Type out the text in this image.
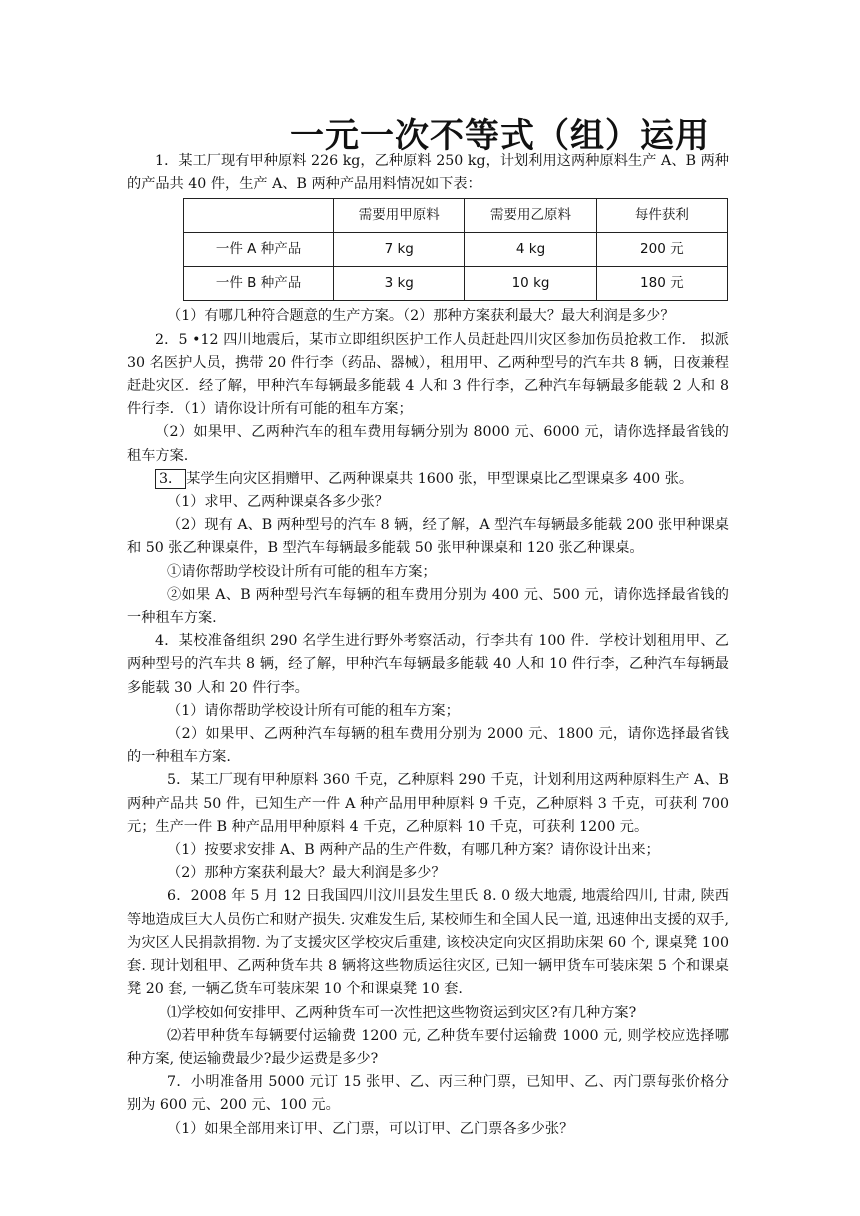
一元一次不等式（组）运用

1．某工厂现有甲种原料 226 kg，乙种原料 250 kg，计划利用这两种原料生产 A、B 两种的产品共 40 件，生产 A、B 两种产品用料情况如下表：

	需要用甲原料	需要用乙原料	每件获利
一件 A 种产品	7 kg	4 kg	200 元
一件 B 种产品	3 kg	10 kg	180 元

（1）有哪几种符合题意的生产方案。（2）那种方案获利最大？最大利润是多少？

2．5 •12 四川地震后，某市立即组织医护工作人员赶赴四川灾区参加伤员抢救工作． 拟派 30 名医护人员，携带 20 件行李（药品、器械），租用甲、乙两种型号的汽车共 8 辆，日夜兼程赶赴灾区．经了解，甲种汽车每辆最多能载 4 人和 3 件行李，乙种汽车每辆最多能载 2 人和 8 件行李．（1）请你设计所有可能的租车方案；

（2）如果甲、乙两种汽车的租车费用每辆分别为 8000 元、6000 元，请你选择最省钱的租车方案.

3． 某学生向灾区捐赠甲、乙两种课桌共 1600 张，甲型课桌比乙型课桌多 400 张。

（1）求甲、乙两种课桌各多少张？

（2）现有 A、B 两种型号的汽车 8 辆，经了解，A 型汽车每辆最多能载 200 张甲种课桌和 50 张乙种课桌件，B 型汽车每辆最多能载 50 张甲种课桌和 120 张乙种课桌。

①请你帮助学校设计所有可能的租车方案；

②如果 A、B 两种型号汽车每辆的租车费用分别为 400 元、500 元，请你选择最省钱的一种租车方案.

4．某校准备组织 290 名学生进行野外考察活动，行李共有 100 件．学校计划租用甲、乙两种型号的汽车共 8 辆，经了解，甲种汽车每辆最多能载 40 人和 10 件行李，乙种汽车每辆最多能载 30 人和 20 件行李。

（1）请你帮助学校设计所有可能的租车方案；

（2）如果甲、乙两种汽车每辆的租车费用分别为 2000 元、1800 元，请你选择最省钱的一种租车方案.

5．某工厂现有甲种原料 360 千克，乙种原料 290 千克，计划利用这两种原料生产 A、B 两种产品共 50 件，已知生产一件 A 种产品用甲种原料 9 千克，乙种原料 3 千克，可获利 700 元；生产一件 B 种产品用甲种原料 4 千克，乙种原料 10 千克，可获利 1200 元。

（1）按要求安排 A、B 两种产品的生产件数，有哪几种方案？请你设计出来；

（2）那种方案获利最大？最大利润是多少？

6．2008 年 5 月 12 日我国四川汶川县发生里氏 8. 0 级大地震, 地震给四川, 甘肃, 陕西等地造成巨大人员伤亡和财产损失. 灾难发生后, 某校师生和全国人民一道, 迅速伸出支援的双手, 为灾区人民捐款捐物. 为了支援灾区学校灾后重建, 该校决定向灾区捐助床架 60 个, 课桌凳 100 套. 现计划租甲、乙两种货车共 8 辆将这些物质运往灾区, 已知一辆甲货车可装床架 5 个和课桌凳 20 套, 一辆乙货车可装床架 10 个和课桌凳 10 套.

⑴学校如何安排甲、乙两种货车可一次性把这些物资运到灾区?有几种方案?

⑵若甲种货车每辆要付运输费 1200 元, 乙种货车要付运输费 1000 元, 则学校应选择哪种方案, 使运输费最少?最少运费是多少?

7．小明准备用 5000 元订 15 张甲、乙、丙三种门票，已知甲、乙、丙门票每张价格分别为 600 元、200 元、100 元。

（1）如果全部用来订甲、乙门票，可以订甲、乙门票各多少张？
